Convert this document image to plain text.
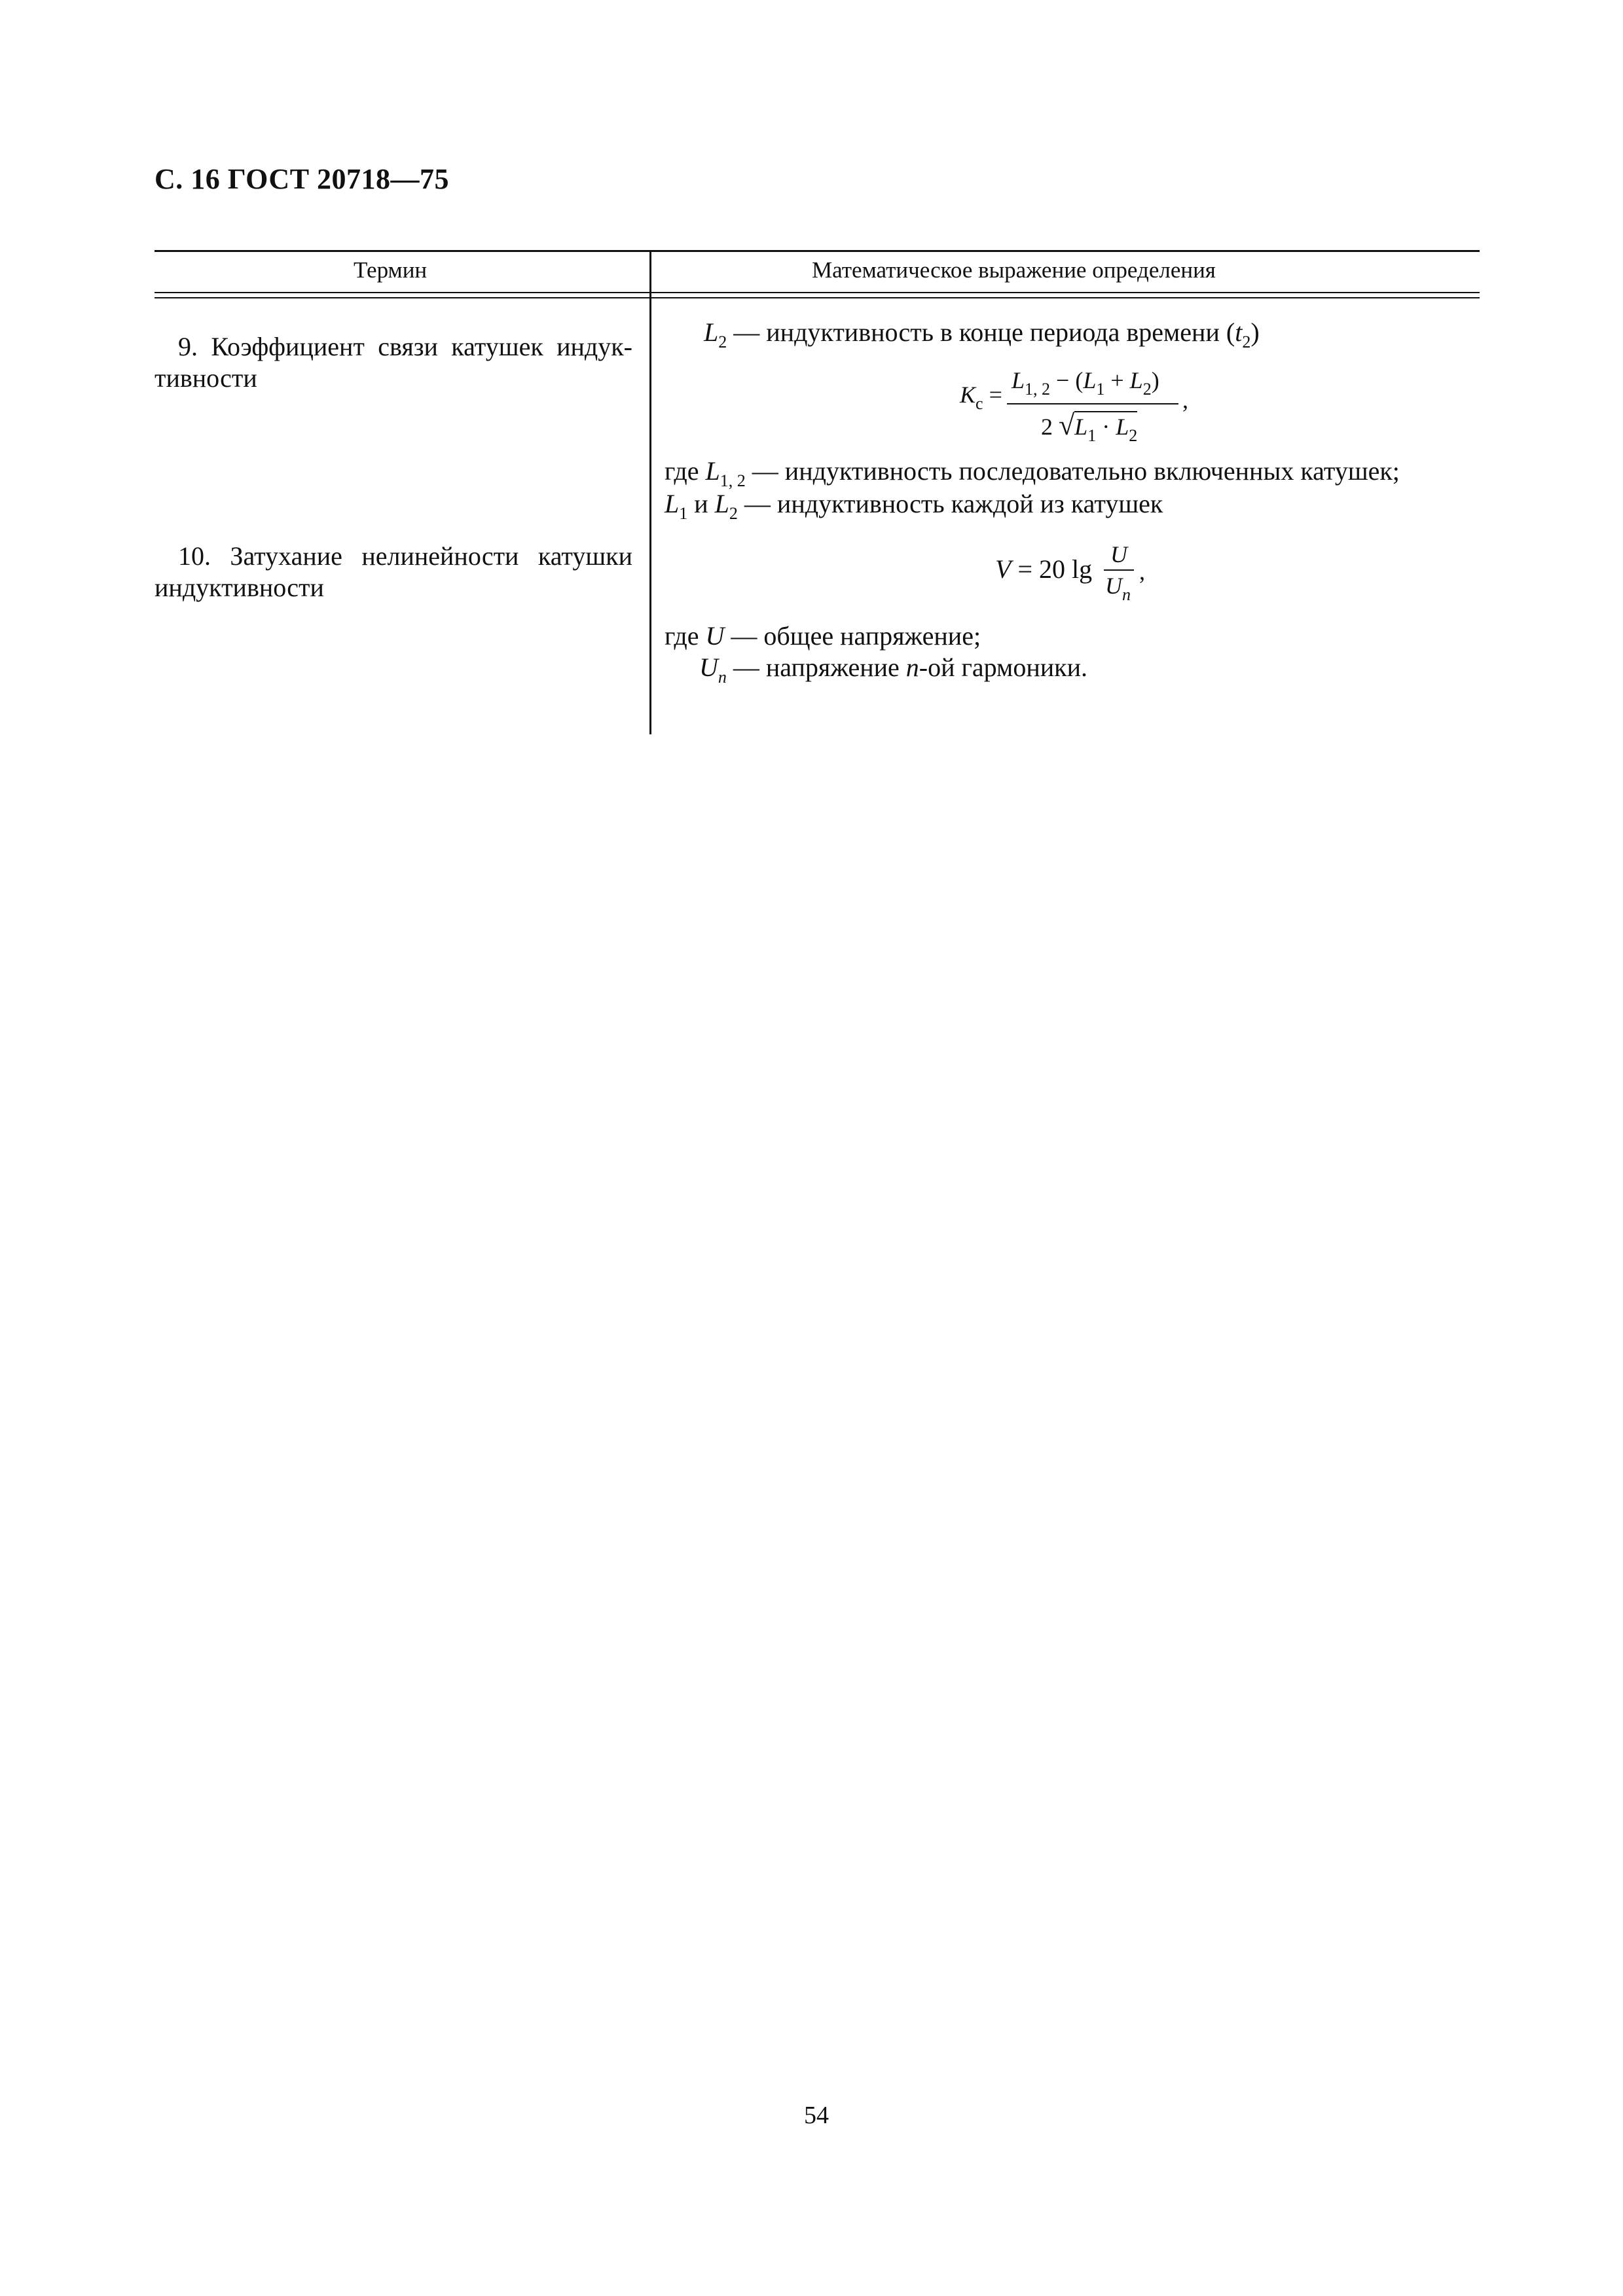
С. 16 ГОСТ 20718—75
Термин	Математическое выражение определения
$L_2$ — индуктивность в конце периода времени $(t_2)$
9. Коэффициент связи катушек индуктивности
$K_c$ =
$L_{1, 2} - (L_1 + L_2)$
2 $√L_1 \cdot L_2$
,
где $L_{1, 2}$ — индуктивность последовательно включенных катушек;
$L_1$ и $L_2$ — индуктивность каждой из катушек
10. Затухание нелинейности катушки индуктивности
V = 20 lg U
$U_n$
,
где U — общее напряжение;
$U_n$ — напряжение n-ой гармоники.
54
